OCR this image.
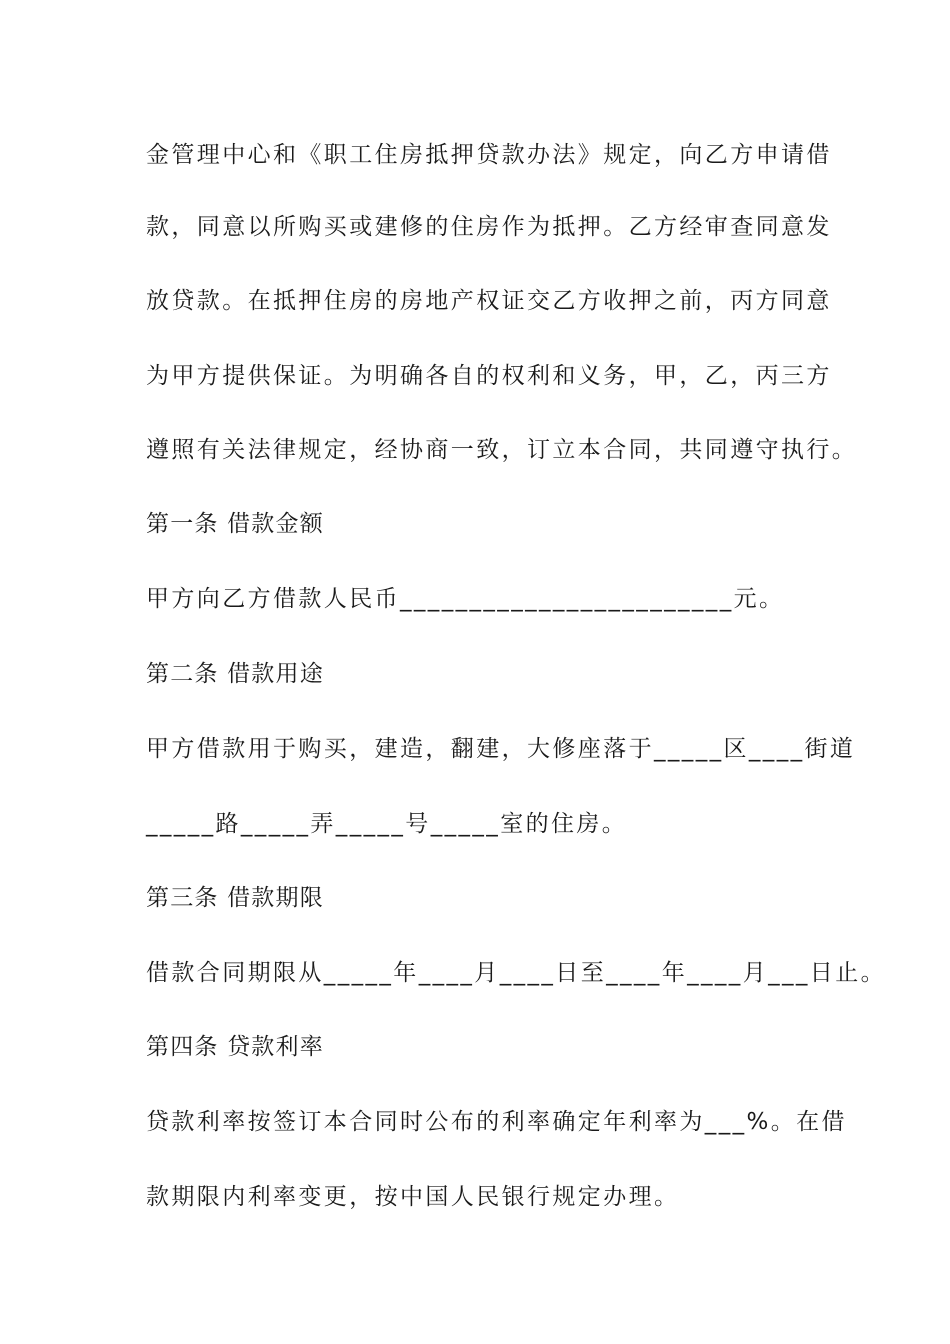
金管理中心和《职工住房抵押贷款办法》规定，向乙方申请借
款，同意以所购买或建修的住房作为抵押。乙方经审查同意发
放贷款。在抵押住房的房地产权证交乙方收押之前，丙方同意
为甲方提供保证。为明确各自的权利和义务，甲，乙，丙三方
遵照有关法律规定，经协商一致，订立本合同，共同遵守执行。
第一条 借款金额
甲方向乙方借款人民币________________________元。
第二条 借款用途
甲方借款用于购买，建造，翻建，大修座落于_____区____街道
_____路_____弄_____号_____室的住房。
第三条 借款期限
借款合同期限从_____年____月____日至____年____月___日止。
第四条 贷款利率
贷款利率按签订本合同时公布的利率确定年利率为___%。在借
款期限内利率变更，按中国人民银行规定办理。
